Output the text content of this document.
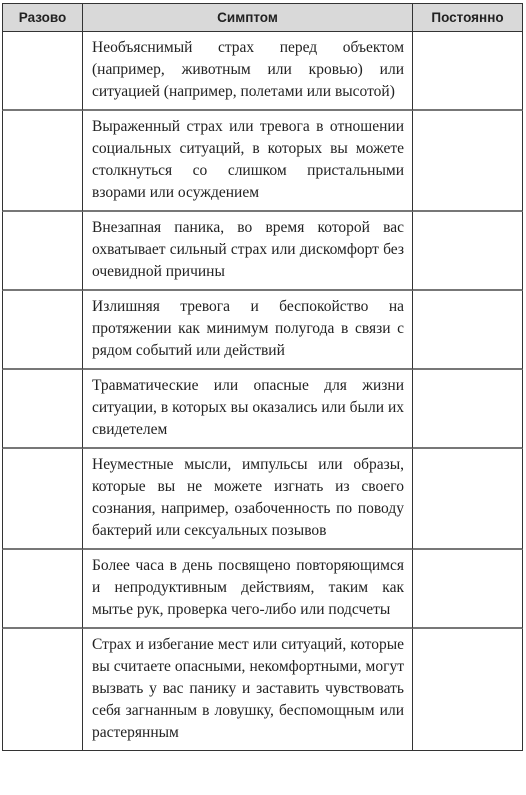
Разово	Симптом	Постоянно

	Необъяснимый страх перед объектом (например, животным или кровью) или ситуацией (например, полетами или высотой)	

	Выраженный страх или тревога в отношении социальных ситуаций, в которых вы можете столкнуться со слишком пристальными взорами или осуждением	

	Внезапная паника, во время которой вас охватывает сильный страх или дискомфорт без очевидной причины	

	Излишняя тревога и беспокойство на протяжении как минимум полугода в связи с рядом событий или действий	

	Травматические или опасные для жизни ситуации, в которых вы оказались или были их свидетелем	

	Неуместные мысли, импульсы или образы, которые вы не можете изгнать из своего сознания, например, озабоченность по поводу бактерий или сексуальных позывов	

	Более часа в день посвящено повторяющимся и непродуктивным действиям, таким как мытье рук, проверка чего-либо или подсчеты	

	Страх и избегание мест или ситуаций, которые вы считаете опасными, некомфортными, могут вызвать у вас панику и заставить чувствовать себя загнанным в ловушку, беспомощным или растерянным	
